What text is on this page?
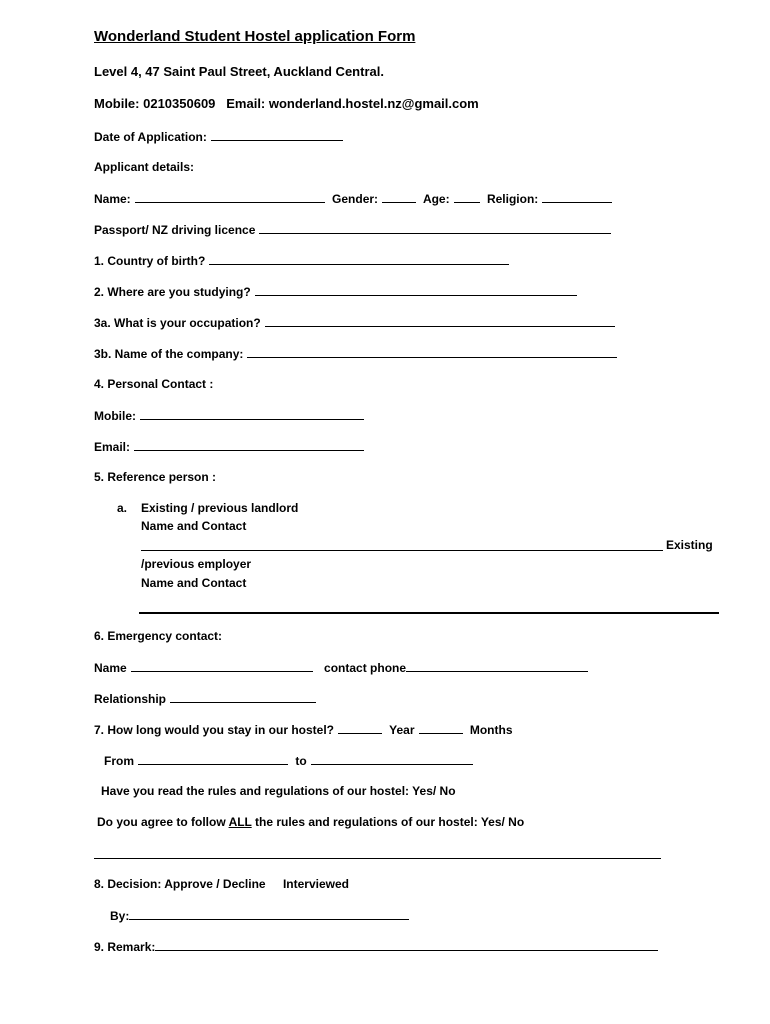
Wonderland Student Hostel application Form
Level 4, 47 Saint Paul Street, Auckland Central.
Mobile: 0210350609 Email: wonderland.hostel.nz@gmail.com
Date of Application:
Applicant details:
Name:	Gender:	Age:	Religion:
Passport/ NZ driving licence
1. Country of birth?
2. Where are you studying?
3a. What is your occupation?
3b. Name of the company:
4. Personal Contact :
Mobile:
Email:
5. Reference person :
a. Existing / previous landlord
Name and Contact
Existing
/previous employer
Name and Contact
6. Emergency contact:
Name	contact phone
Relationship
7. How long would you stay in our hostel?	Year	Months
From	to
Have you read the rules and regulations of our hostel: Yes/ No
Do you agree to follow ALL the rules and regulations of our hostel: Yes/ No
8. Decision: Approve / Decline Interviewed
By:
9. Remark:
